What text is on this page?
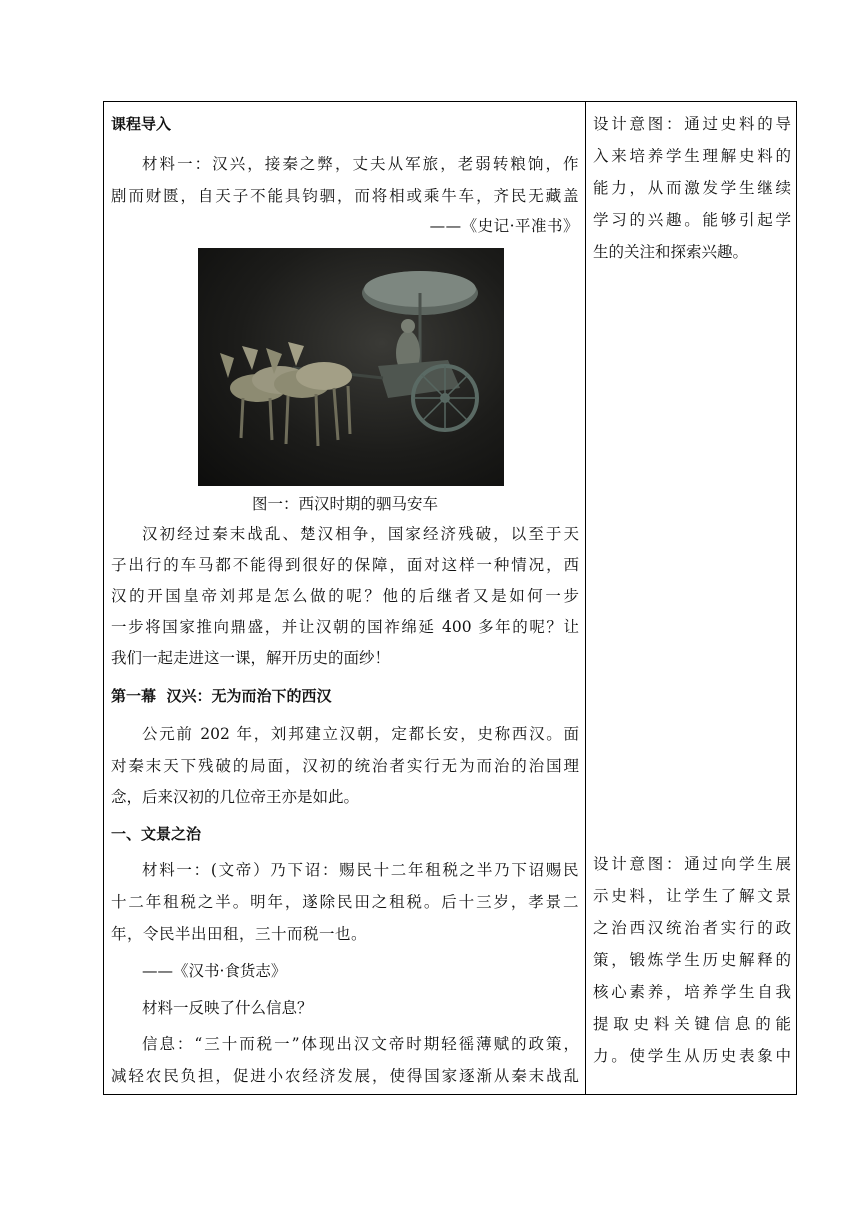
课程导入
材料一：汉兴，接秦之弊，丈夫从军旅，老弱转粮饷，作
剧而财匮，自天子不能具钧驷，而将相或乘牛车，齐民无藏盖
——《史记·平准书》
图一：西汉时期的驷马安车
汉初经过秦末战乱、楚汉相争，国家经济残破，以至于天
子出行的车马都不能得到很好的保障，面对这样一种情况，西
汉的开国皇帝刘邦是怎么做的呢？他的后继者又是如何一步
一步将国家推向鼎盛，并让汉朝的国祚绵延 400 多年的呢？让
我们一起走进这一课，解开历史的面纱！
第一幕  汉兴：无为而治下的西汉
公元前 202 年，刘邦建立汉朝，定都长安，史称西汉。面
对秦末天下残破的局面，汉初的统治者实行无为而治的治国理
念，后来汉初的几位帝王亦是如此。
一、文景之治
材料一：(文帝）乃下诏：赐民十二年租税之半乃下诏赐民
十二年租税之半。明年，遂除民田之租税。后十三岁，孝景二
年，令民半出田租，三十而税一也。
——《汉书·食货志》
材料一反映了什么信息？
信息：“三十而税一”体现出汉文帝时期轻徭薄赋的政策，
减轻农民负担，促进小农经济发展，使得国家逐渐从秦末战乱
设计意图：通过史料的导
入来培养学生理解史料的
能力，从而激发学生继续
学习的兴趣。能够引起学
生的关注和探索兴趣。
设计意图：通过向学生展
示史料，让学生了解文景
之治西汉统治者实行的政
策，锻炼学生历史解释的
核心素养，培养学生自我
提取史料关键信息的能
力。使学生从历史表象中
